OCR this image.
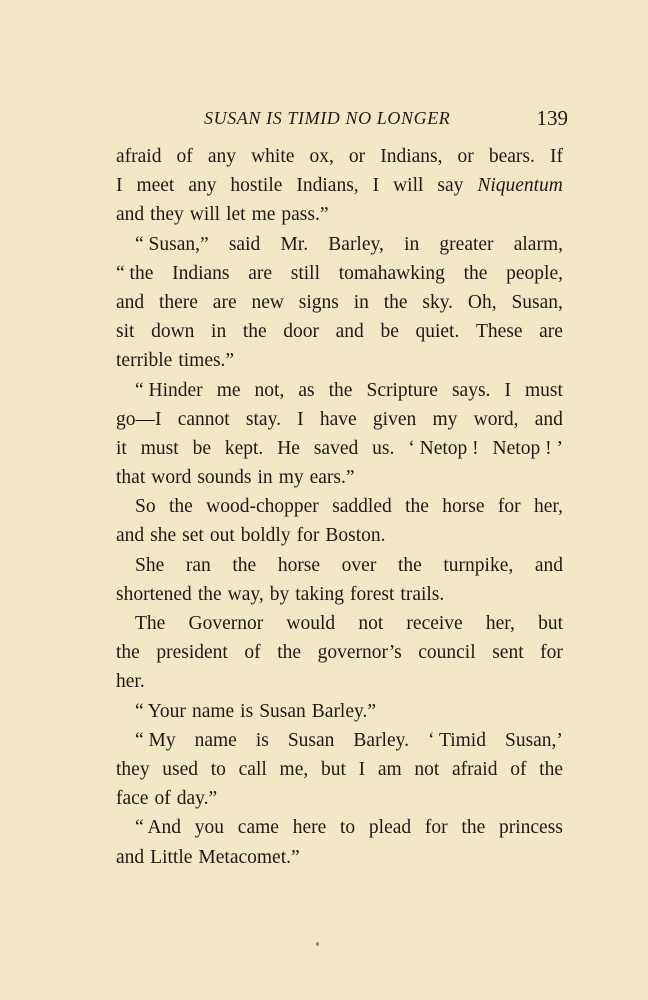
SUSAN IS TIMID NO LONGER	139
afraid of any white ox, or Indians, or bears. If
I meet any hostile Indians, I will say Niquentum
and they will let me pass.”
“ Susan,” said Mr. Barley, in greater alarm,
“ the Indians are still tomahawking the people,
and there are new signs in the sky. Oh, Susan,
sit down in the door and be quiet. These are
terrible times.”
“ Hinder me not, as the Scripture says. I must
go—I cannot stay. I have given my word, and
it must be kept. He saved us. ‘ Netop ! Netop ! ’
that word sounds in my ears.”
So the wood-chopper saddled the horse for her,
and she set out boldly for Boston.
She ran the horse over the turnpike, and
shortened the way, by taking forest trails.
The Governor would not receive her, but
the president of the governor’s council sent for
her.
“ Your name is Susan Barley.”
“ My name is Susan Barley. ‘ Timid Susan,’
they used to call me, but I am not afraid of the
face of day.”
“ And you came here to plead for the princess
and Little Metacomet.”
